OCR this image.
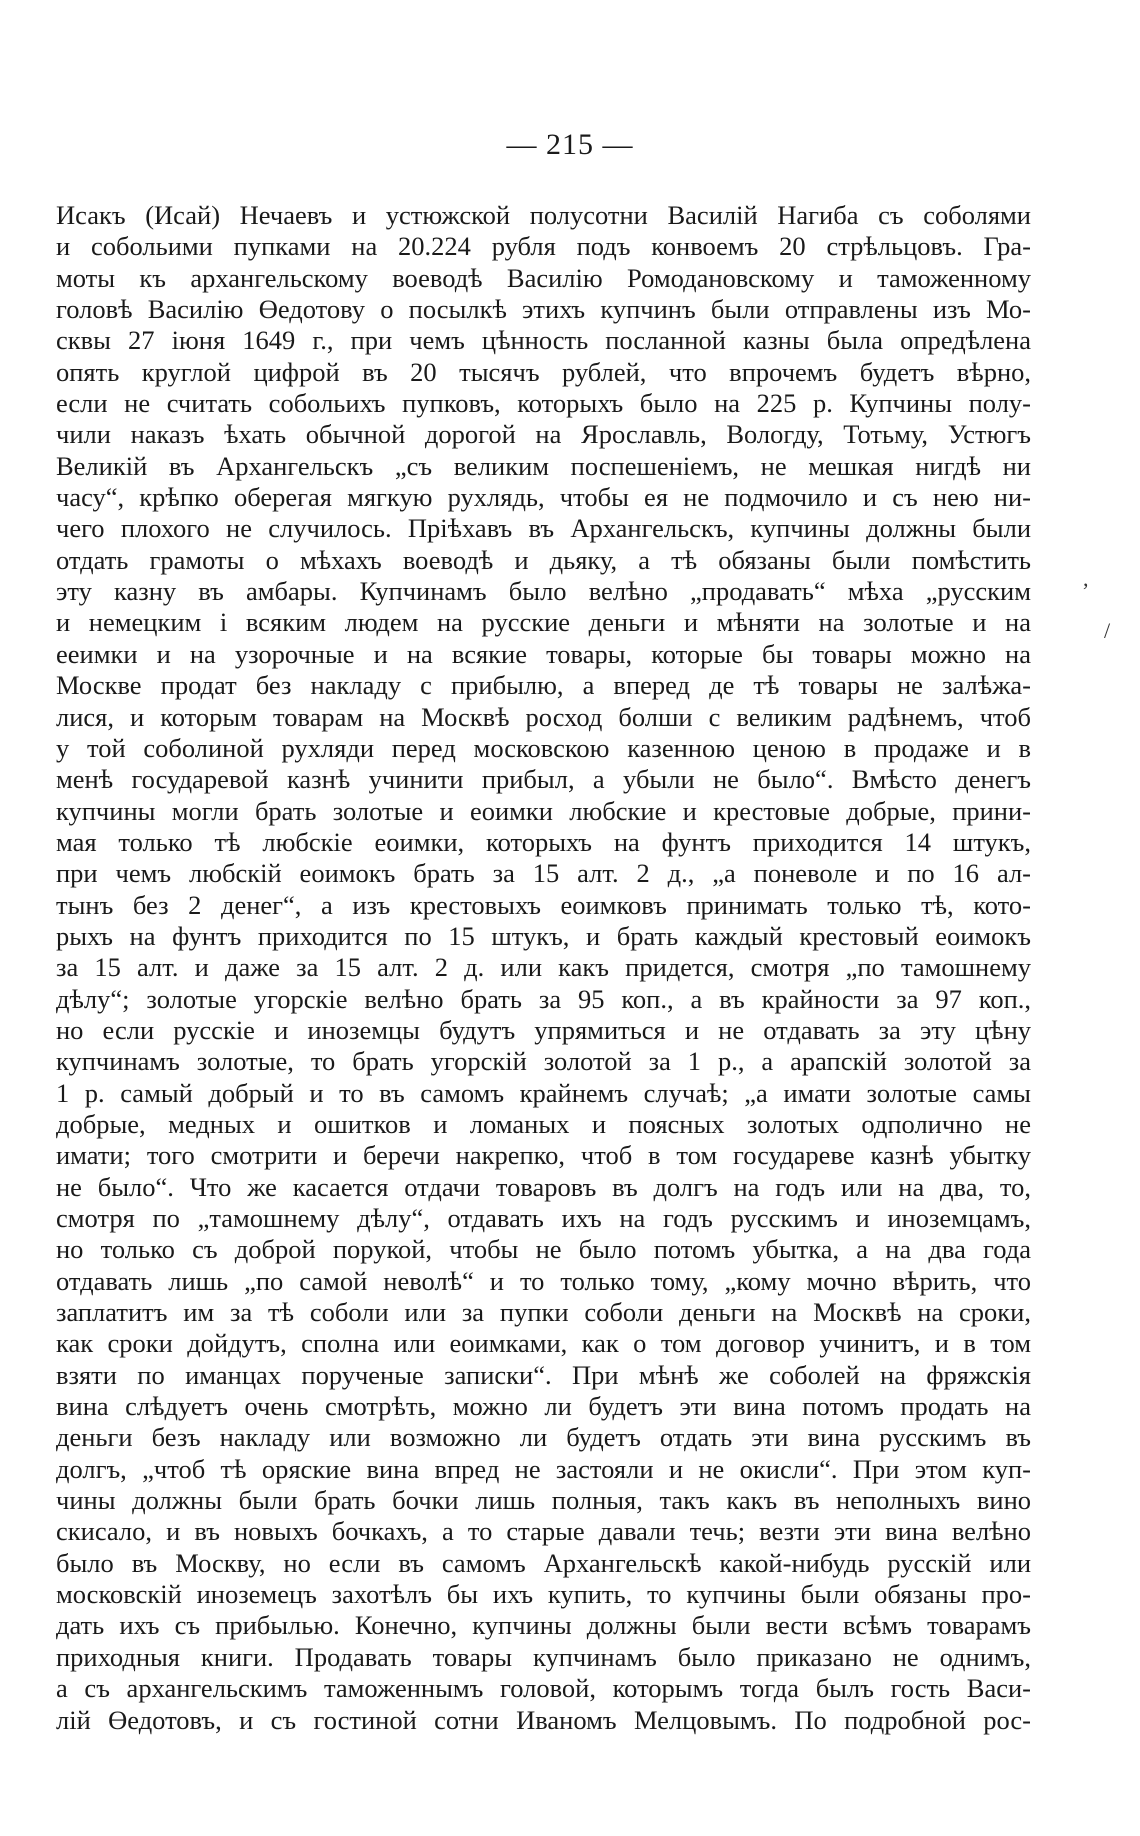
— 215 —
Исакъ (Исай) Нечаевъ и устюжской полусотни Василій Нагиба съ соболями
и собольими пупками на 20.224 рубля подъ конвоемъ 20 стрѣльцовъ. Гра-
моты къ архангельскому воеводѣ Василію Ромодановскому и таможенному
головѣ Василію Өедотову о посылкѣ этихъ купчинъ были отправлены изъ Мо-
сквы 27 іюня 1649 г., при чемъ цѣнность посланной казны была опредѣлена
опять круглой цифрой въ 20 тысячъ рублей, что впрочемъ будетъ вѣрно,
если не считать собольихъ пупковъ, которыхъ было на 225 р. Купчины полу-
чили наказъ ѣхать обычной дорогой на Ярославль, Вологду, Тотьму, Устюгъ
Великій въ Архангельскъ „съ великим поспешеніемъ, не мешкая нигдѣ ни
часу“, крѣпко оберегая мягкую рухлядь, чтобы ея не подмочило и съ нею ни-
чего плохого не случилось. Пріѣхавъ въ Архангельскъ, купчины должны были
отдать грамоты о мѣхахъ воеводѣ и дьяку, а тѣ обязаны были помѣстить
эту казну въ амбары. Купчинамъ было велѣно „продавать“ мѣха „русским
и немецким і всяким людем на русские деньги и мѣняти на золотые и на
ееимки и на узорочные и на всякие товары, которые бы товары можно на
Москве продат без накладу с прибылю, а вперед де тѣ товары не залѣжа-
лися, и которым товарам на Москвѣ росход болши с великим радѣнемъ, чтоб
у той соболиной рухляди перед московскою казенною ценою в продаже и в
менѣ государевой казнѣ учинити прибыл, а убыли не было“. Вмѣсто денегъ
купчины могли брать золотые и еоимки любские и крестовые добрые, прини-
мая только тѣ любскіе еоимки, которыхъ на фунтъ приходится 14 штукъ,
при чемъ любскій еоимокъ брать за 15 алт. 2 д., „а поневоле и по 16 ал-
тынъ без 2 денег“, а изъ крестовыхъ еоимковъ принимать только тѣ, кото-
рыхъ на фунтъ приходится по 15 штукъ, и брать каждый крестовый еоимокъ
за 15 алт. и даже за 15 алт. 2 д. или какъ придется, смотря „по тамошнему
дѣлу“; золотые угорскіе велѣно брать за 95 коп., а въ крайности за 97 коп.,
но если русскіе и иноземцы будутъ упрямиться и не отдавать за эту цѣну
купчинамъ золотые, то брать угорскій золотой за 1 р., а арапскій золотой за
1 р. самый добрый и то въ самомъ крайнемъ случаѣ; „а имати золотые самы
добрые, медных и ошитков и ломаных и поясных золотых одполично не
имати; того смотрити и беречи накрепко, чтоб в том государеве казнѣ убытку
не было“. Что же касается отдачи товаровъ въ долгъ на годъ или на два, то,
смотря по „тамошнему дѣлу“, отдавать ихъ на годъ русскимъ и иноземцамъ,
но только съ доброй порукой, чтобы не было потомъ убытка, а на два года
отдавать лишь „по самой неволѣ“ и то только тому, „кому мочно вѣрить, что
заплатитъ им за тѣ соболи или за пупки соболи деньги на Москвѣ на сроки,
как сроки дойдутъ, сполна или еоимками, как о том договор учинитъ, и в том
взяти по иманцах порученые записки“. При мѣнѣ же соболей на фряжскія
вина слѣдуетъ очень смотрѣть, можно ли будетъ эти вина потомъ продать на
деньги безъ накладу или возможно ли будетъ отдать эти вина русскимъ въ
долгъ, „чтоб тѣ оряские вина впред не застояли и не окисли“. При этом куп-
чины должны были брать бочки лишь полныя, такъ какъ въ неполныхъ вино
скисало, и въ новыхъ бочкахъ, а то старые давали течь; везти эти вина велѣно
было въ Москву, но если въ самомъ Архангельскѣ какой-нибудь русскій или
московскій иноземецъ захотѣлъ бы ихъ купить, то купчины были обязаны про-
дать ихъ съ прибылью. Конечно, купчины должны были вести всѣмъ товарамъ
приходныя книги. Продавать товары купчинамъ было приказано не однимъ,
а съ архангельскимъ таможеннымъ головой, которымъ тогда былъ гость Васи-
лій Өедотовъ, и съ гостиной сотни Иваномъ Мелцовымъ. По подробной рос-
,
/
